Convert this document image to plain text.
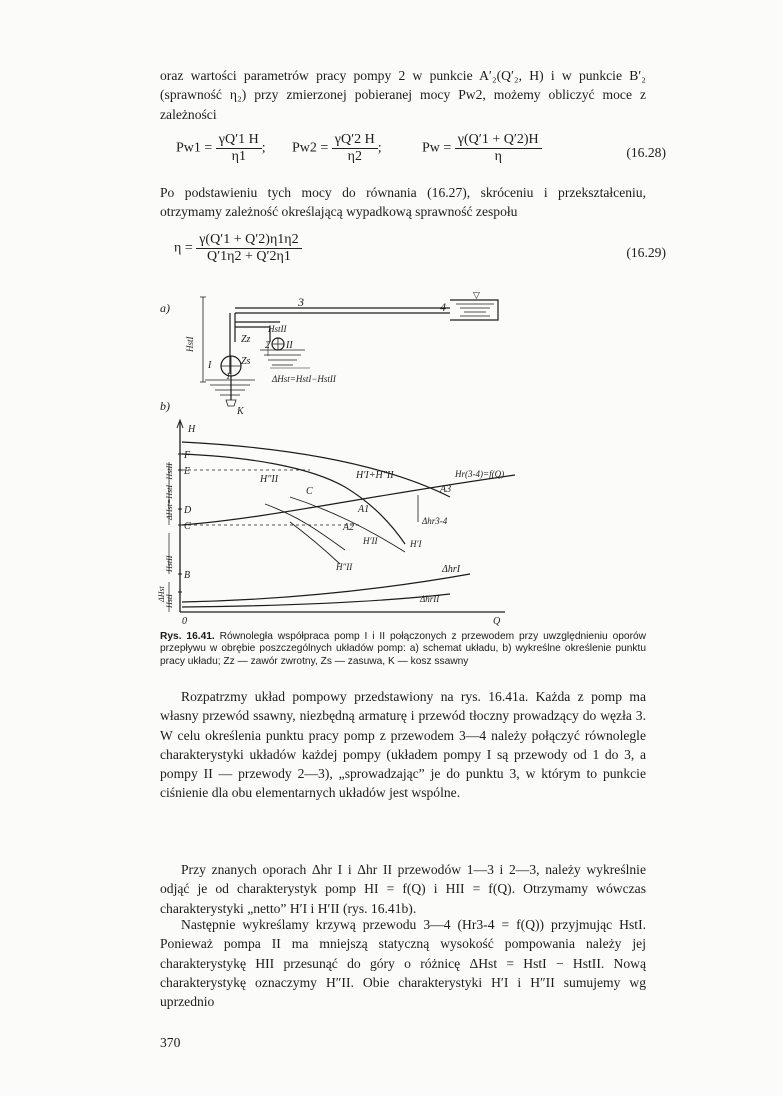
oraz wartości parametrów pracy pompy 2 w punkcie A′₂(Q′₂, H) i w punkcie B′₂ (sprawność η₂) przy zmierzonej pobieranej mocy Pw2, możemy obliczyć moce z zależności
$Pw1 = \frac{\gamma Q'1 H}{\eta 1}$ ; $Pw2 = \frac{\gamma Q'2 H}{\eta 2}$ ;	$Pw = \frac{\gamma(Q'1 + Q'2)H}{\eta}$	(16.28)
Po podstawieniu tych mocy do równania (16.27), skróceniu i przekształceniu, otrzymamy zależność określającą wypadkową sprawność zespołu
$\eta = \frac{\gamma(Q'1 + Q'2)\eta 1\eta 2}{Q'1\eta 2 + Q'2\eta 1}$	(16.29)
a)	3	4
▽
HstII
Zz
Zs
II
2
I
1	ΔHst=HstI−HstII
K
HstI
b)
H
F
E
D
C
B
0	Q
H″II	H′I+H″II	Hr(3-4)=f(Q)
A3
A1
A2
C
Δhr3-4
H′I
H′II
H″II	ΔhrI
ΔhrII
ΔHst=HstI−HstII
HstII
HstI
ΔHst
Rys. 16.41. Równoległa współpraca pomp I i II połączonych z przewodem przy uwzględnieniu oporów przepływu w obrębie poszczególnych układów pomp: a) schemat układu, b) wykreślne określenie punktu pracy układu; Zz — zawór zwrotny, Zs — zasuwa, K — kosz ssawny
Rozpatrzmy układ pompowy przedstawiony na rys. 16.41a. Każda z pomp ma własny przewód ssawny, niezbędną armaturę i przewód tłoczny prowadzący do węzła 3. W celu określenia punktu pracy pomp z przewodem 3—4 należy połączyć równolegle charakterystyki układów każdej pompy (układem pompy I są przewody od 1 do 3, a pompy II — przewody 2—3), „sprowadzając” je do punktu 3, w którym to punkcie ciśnienie dla obu elementarnych układów jest wspólne.
Przy znanych oporach Δhr I i Δhr II przewodów 1—3 i 2—3, należy wykreślnie odjąć je od charakterystyk pomp HI = f(Q) i HII = f(Q). Otrzymamy wówczas charakterystyki „netto” H′I i H′II (rys. 16.41b).
Następnie wykreślamy krzywą przewodu 3—4 (Hr3-4 = f(Q)) przyjmując HstI. Ponieważ pompa II ma mniejszą statyczną wysokość pompowania należy jej charakterystykę HII przesunąć do góry o różnicę ΔHst = HstI − HstII. Nową charakterystykę oznaczymy H″II. Obie charakterystyki H′I i H″II sumujemy wg uprzednio
370
